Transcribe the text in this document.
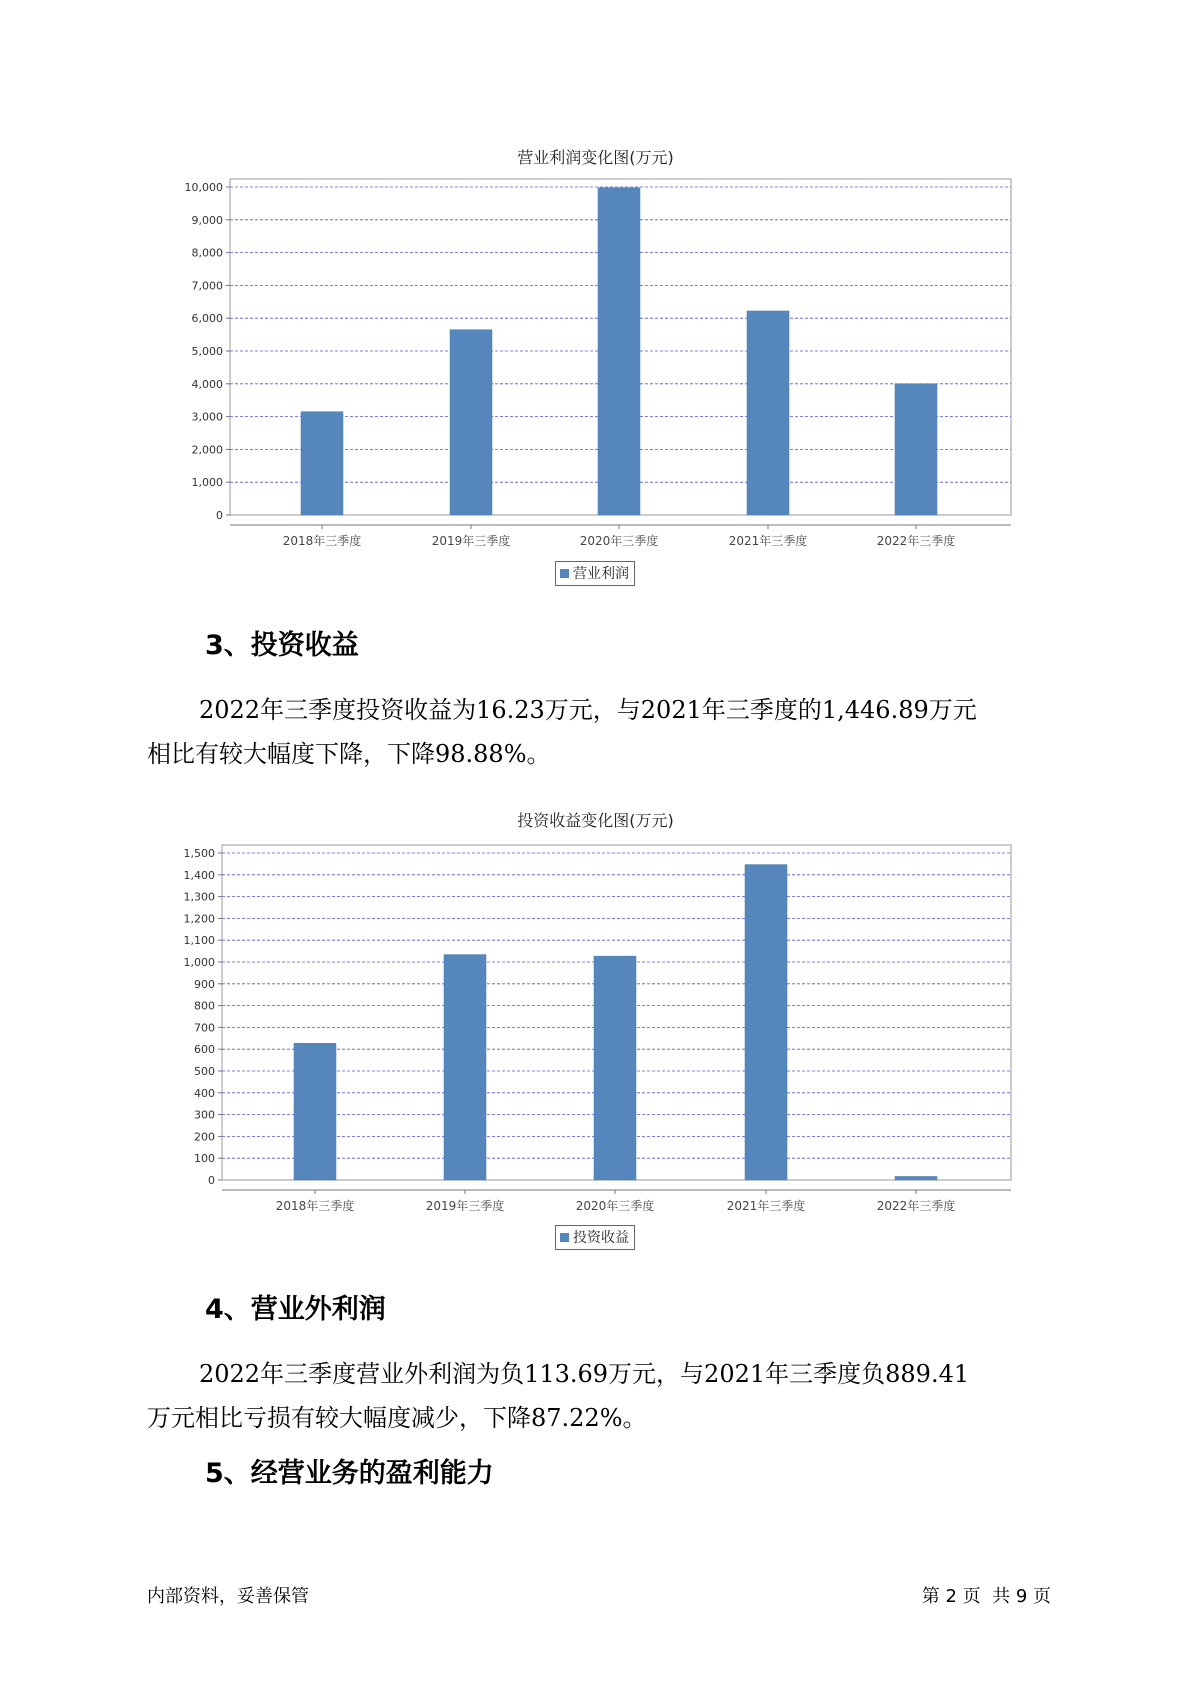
营业利润变化图(万元)
0
1,000
2,000
3,000
4,000
5,000
6,000
7,000
8,000
9,000
10,000
2018年三季度	2019年三季度	2020年三季度	2021年三季度	2022年三季度
营业利润
3、投资收益
2022年三季度投资收益为16.23万元，与2021年三季度的1,446.89万元
相比有较大幅度下降，下降98.88%。
投资收益变化图(万元)
0
100
200
300
400
500
600
700
800
900
1,000
1,100
1,200
1,300
1,400
1,500
2018年三季度	2019年三季度	2020年三季度	2021年三季度	2022年三季度
投资收益
4、营业外利润
2022年三季度营业外利润为负113.69万元，与2021年三季度负889.41
万元相比亏损有较大幅度减少，下降87.22%。
5、经营业务的盈利能力
内部资料，妥善保管	第 2 页  共 9 页
